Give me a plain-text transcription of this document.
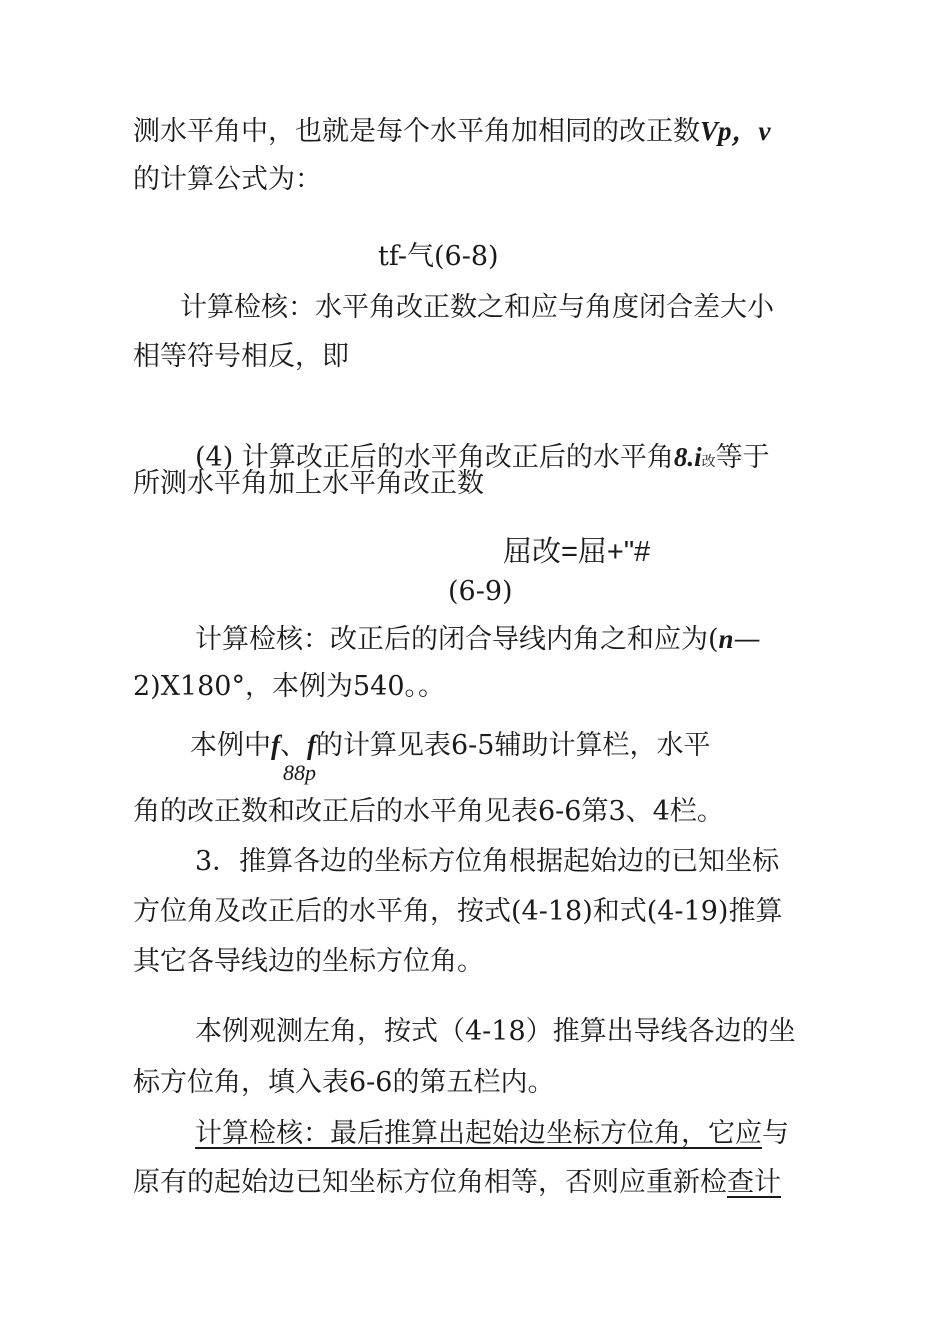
测水平角中，也就是每个水平角加相同的改正数Vp，v
的计算公式为：
tf-气(6-8)
计算检核：水平角改正数之和应与角度闭合差大小
相等符号相反，即
(4) 计算改正后的水平角改正后的水平角8.i改等于
所测水平角加上水平角改正数
屈改=屈+"#
(6-9)
计算检核：改正后的闭合导线内角之和应为(n—
2)X180°，本例为540。。
本例中f、f的计算见表6-5辅助计算栏，水平
88p
角的改正数和改正后的水平角见表6-6第3、4栏。
3．推算各边的坐标方位角根据起始边的已知坐标
方位角及改正后的水平角，按式(4-18)和式(4-19)推算
其它各导线边的坐标方位角。
本例观测左角，按式（4-18）推算出导线各边的坐
标方位角，填入表6-6的第五栏内。
计算检核：最后推算出起始边坐标方位角，它应与
原有的起始边已知坐标方位角相等，否则应重新检查计
